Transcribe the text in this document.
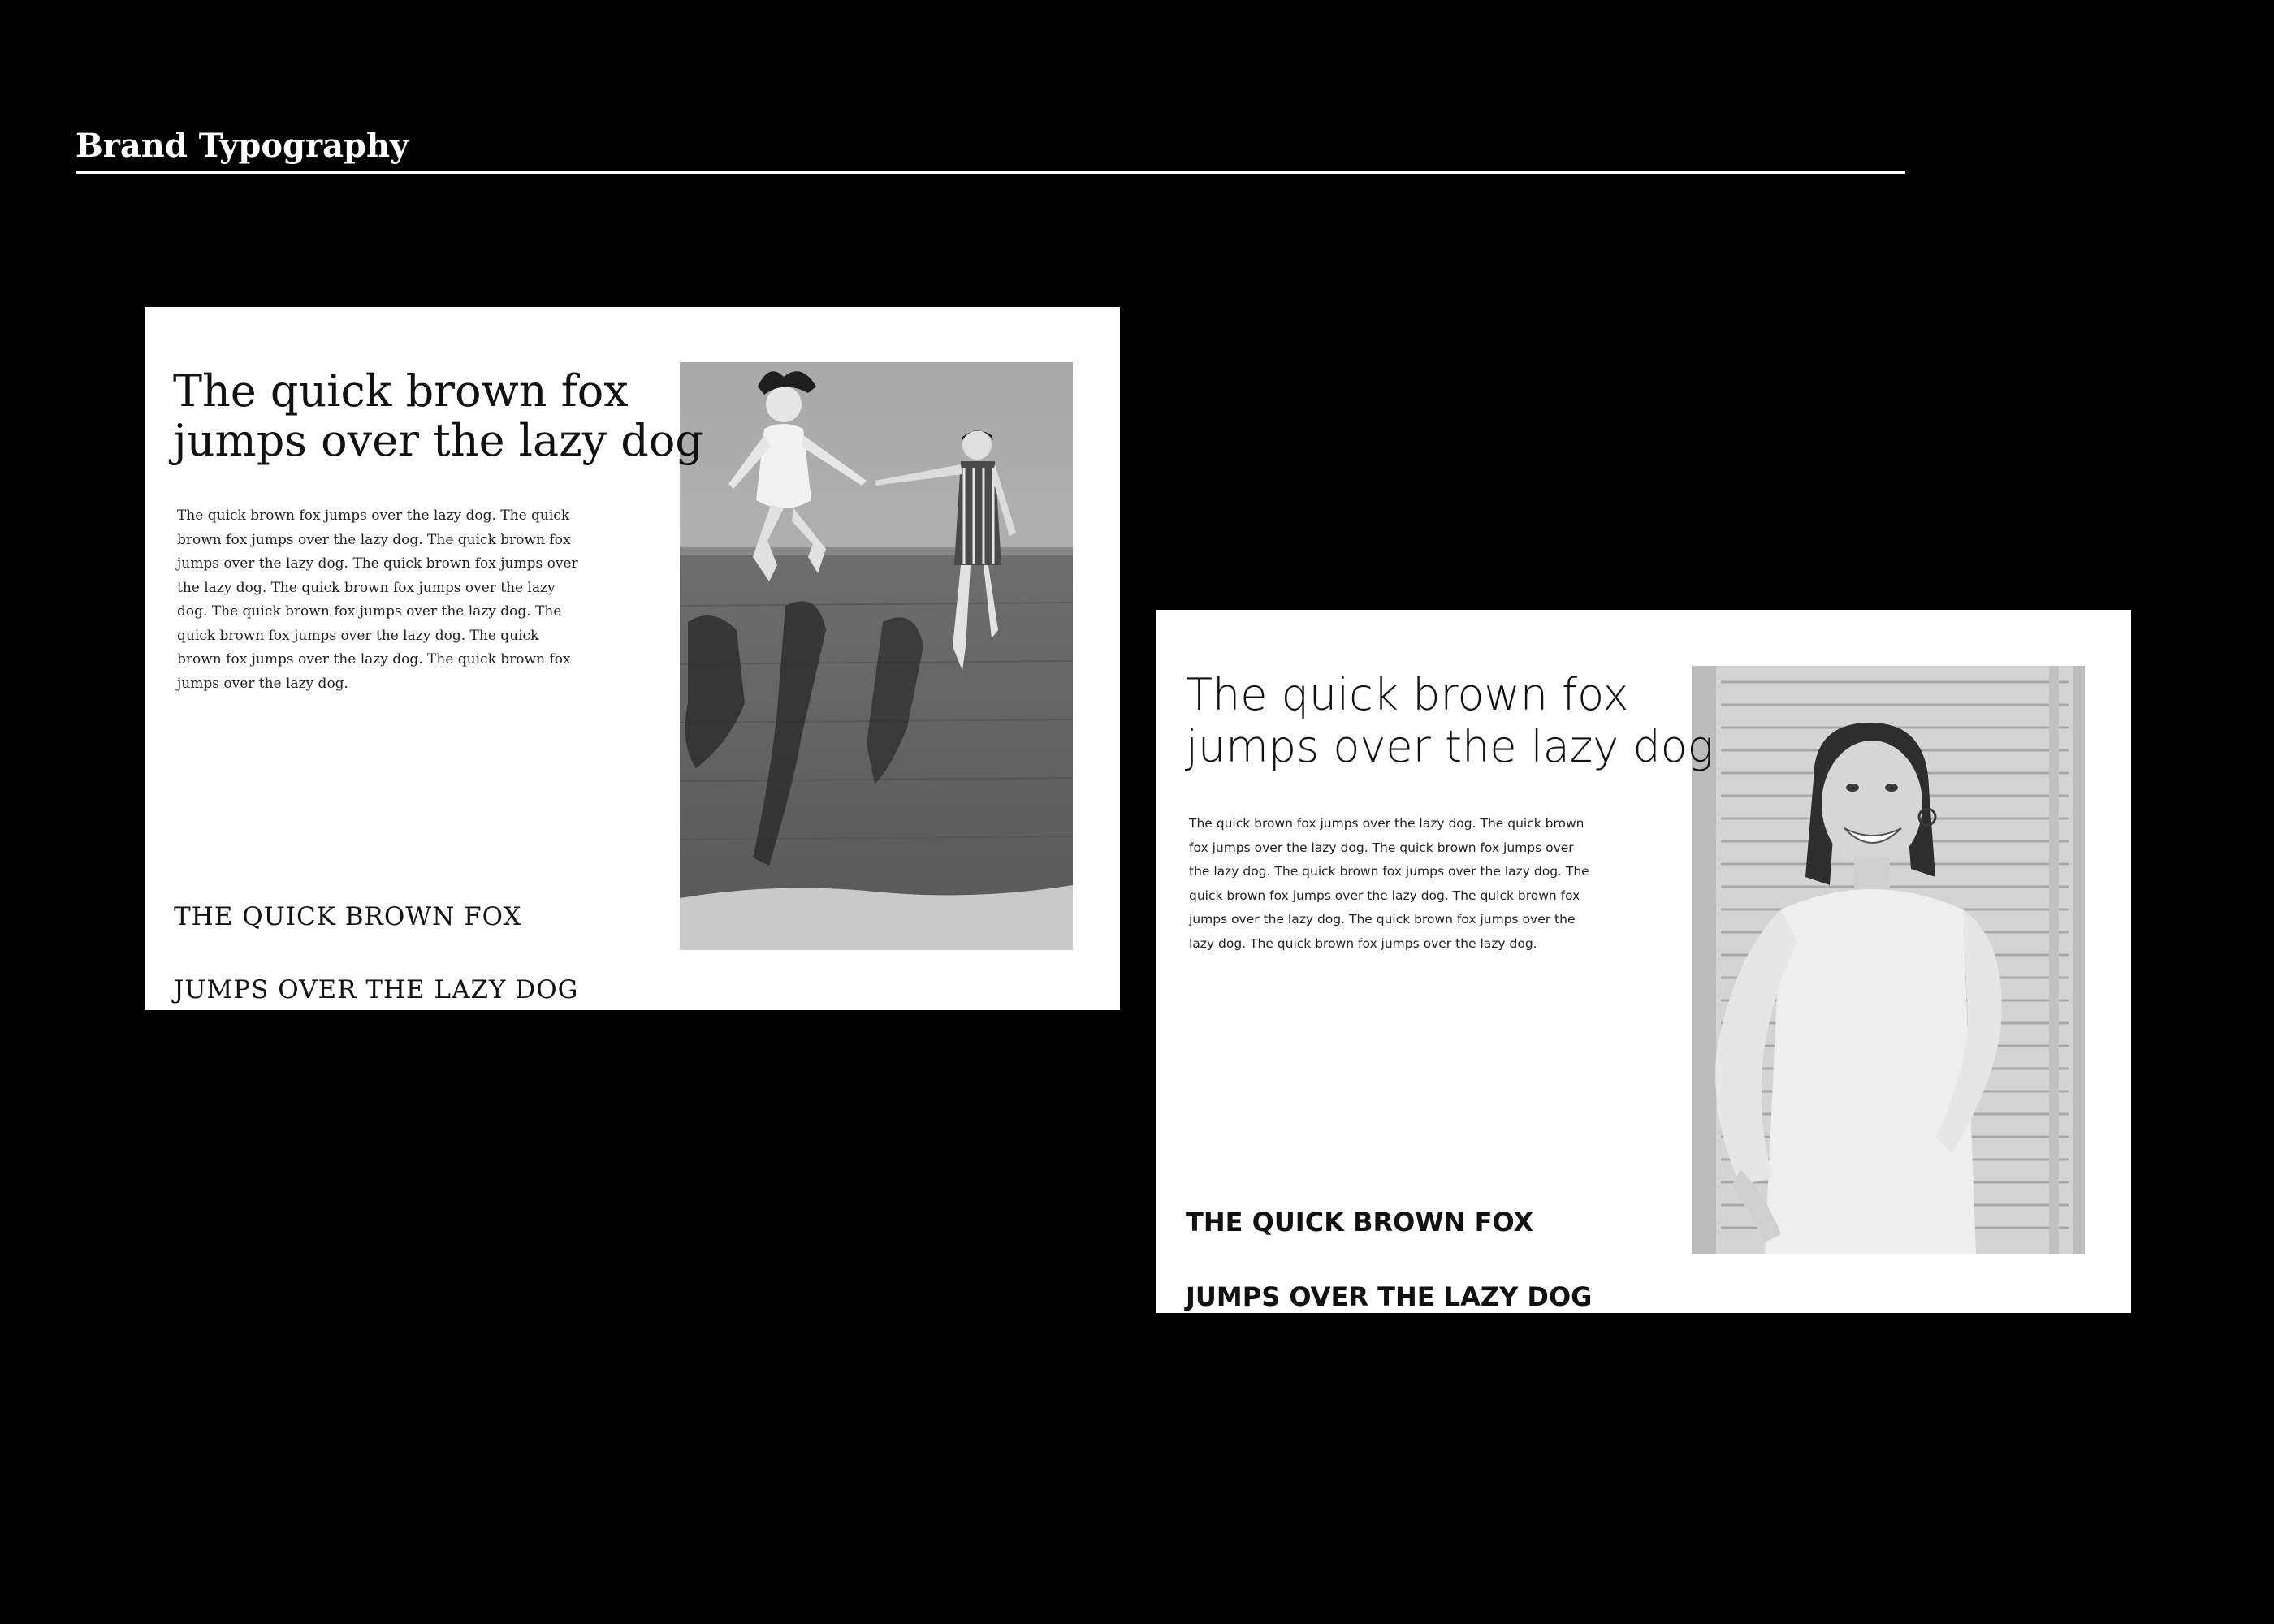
Brand Typography
The quick brown fox
jumps over the lazy dog

The quick brown fox jumps over the lazy dog. The quick brown fox jumps over the lazy dog. The quick brown fox jumps over the lazy dog. The quick brown fox jumps over the lazy dog. The quick brown fox jumps over the lazy dog. The quick brown fox jumps over the lazy dog. The quick brown fox jumps over the lazy dog. The quick brown fox jumps over the lazy dog. The quick brown fox jumps over the lazy dog.

THE QUICK BROWN FOX

JUMPS OVER THE LAZY DOG

The quick brown fox
jumps over the lazy dog

The quick brown fox jumps over the lazy dog. The quick brown fox jumps over the lazy dog. The quick brown fox jumps over the lazy dog. The quick brown fox jumps over the lazy dog. The quick brown fox jumps over the lazy dog. The quick brown fox jumps over the lazy dog. The quick brown fox jumps over the lazy dog. The quick brown fox jumps over the lazy dog.

THE QUICK BROWN FOX

JUMPS OVER THE LAZY DOG
